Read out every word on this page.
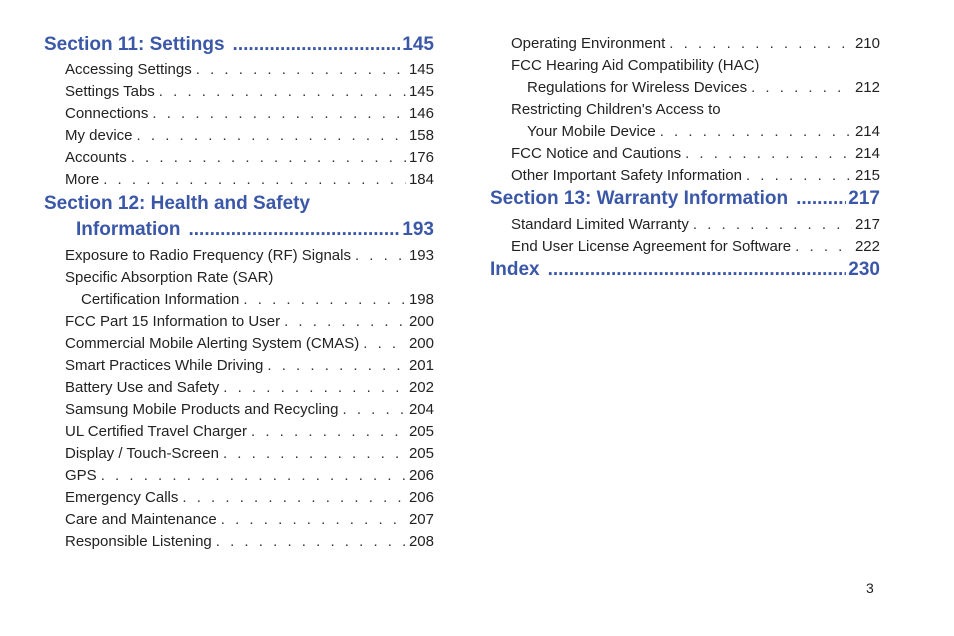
Section 11: Settings .....	145
Accessing Settings . . .	145
Settings Tabs . . .	145
Connections . . .	146
My device . . .	158
Accounts . . .	176
More . . .	184
Section 12: Health and Safety
Information .....	193
Exposure to Radio Frequency (RF) Signals . . .	193
Specific Absorption Rate (SAR)
Certification Information . . .	198
FCC Part 15 Information to User . . .	200
Commercial Mobile Alerting System (CMAS) . . .	200
Smart Practices While Driving . . .	201
Battery Use and Safety . . .	202
Samsung Mobile Products and Recycling . . .	204
UL Certified Travel Charger . . .	205
Display / Touch-Screen . . .	205
GPS . . .	206
Emergency Calls . . .	206
Care and Maintenance . . .	207
Responsible Listening . . .	208
Operating Environment . . .	210
FCC Hearing Aid Compatibility (HAC)
Regulations for Wireless Devices . . .	212
Restricting Children's Access to
Your Mobile Device . . .	214
FCC Notice and Cautions . . .	214
Other Important Safety Information . . .	215
Section 13: Warranty Information .....	217
Standard Limited Warranty . . .	217
End User License Agreement for Software . . .	222
Index .....	230
3
